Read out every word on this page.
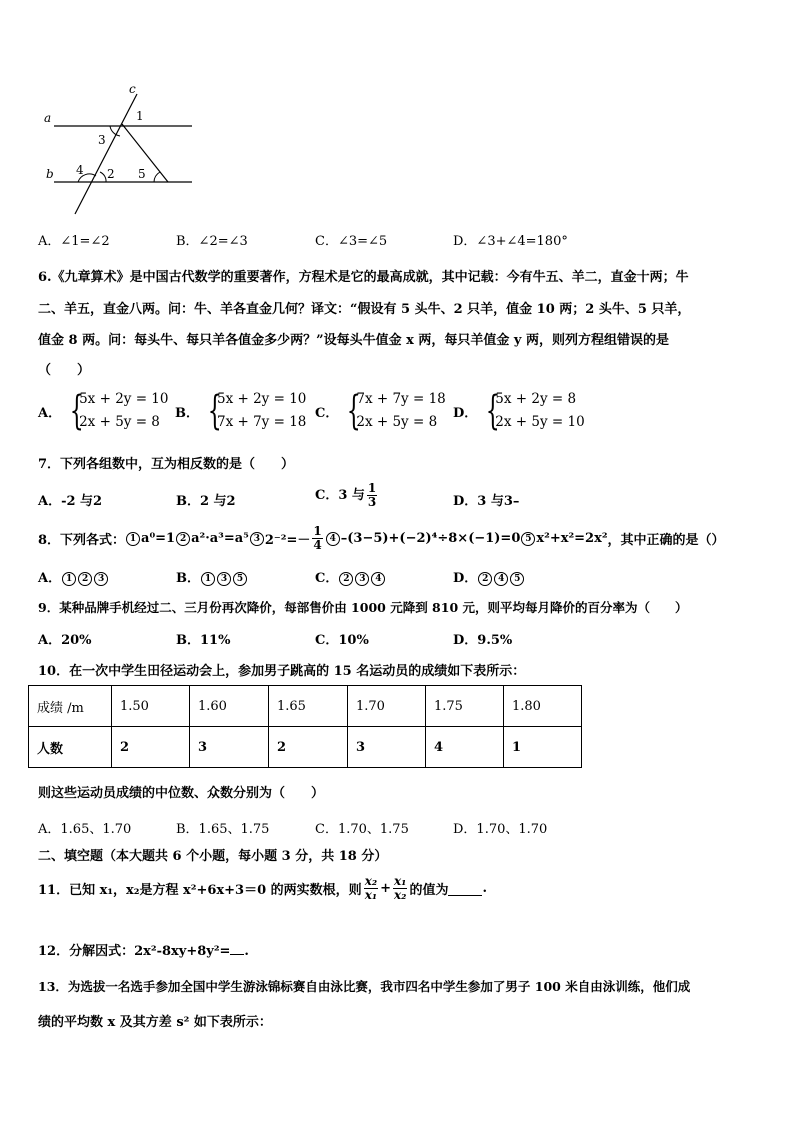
a
b
c
1
3
4 2 5
A．∠1=∠2	B．∠2=∠3	C．∠3=∠5	D．∠3+∠4=180°
6.《九章算术》是中国古代数学的重要著作，方程术是它的最高成就，其中记载：今有牛五、羊二，直金十两；牛
二、羊五，直金八两。问：牛、羊各直金几何？译文：“假设有 5 头牛、2 只羊，值金 10 两；2 头牛、5 只羊，
值金 8 两。问：每头牛、每只羊各值金多少两？”设每头牛值金 x 两，每只羊值金 y 两，则列方程组错误的是
（　　）
A． {
5x + 2y = 10
2x + 5y = 8
B． {
5x + 2y = 10
7x + 7y = 18
C． {
7x + 7y = 18
2x + 5y = 8
D． {
5x + 2y = 8
2x + 5y = 10
7．下列各组数中，互为相反数的是（　　）
A．-2 与2	B．2 与2	C．3 与 $\frac{1}{3}$	D．3 与3–
8．下列各式： 1 a⁰=1 2 a²·a³=a⁵ 3 $2^{-2}=- \frac{1}{4} 4$ –(3−5)+(−2)⁴÷8×(−1)=0 5 x²+x²=2x² ，其中正确的是（）
A． 1 2 3	B． 1 3 5	C． 2 3 4	D． 2 4 5
9．某种品牌手机经过二、三月份再次降价，每部售价由 1000 元降到 810 元，则平均每月降价的百分率为（　　）
A．20%	B．11%	C．10%	D．9.5%
10．在一次中学生田径运动会上，参加男子跳高的 15 名运动员的成绩如下表所示：
成绩 /m	1.50	1.60	1.65	1.70	1.75	1.80
人数	2	3	2	3	4	1
则这些运动员成绩的中位数、众数分别为（　　）
A．1.65、1.70	B．1.65、1.75	C．1.70、1.75	D．1.70、1.70
二、填空题（本大题共 6 个小题，每小题 3 分，共 18 分）
11．已知 x₁，x₂是方程 x²+6x+3＝0 的两实数根，则 $\frac{\text{x₂}}{\text{x₁}} + \frac{\text{x₁}}{\text{x₂}}$ 的值为	.
12．分解因式：2x²-8xy+8y²= .
13．为选拔一名选手参加全国中学生游泳锦标赛自由泳比赛，我市四名中学生参加了男子 100 米自由泳训练，他们成
绩的平均数 x 及其方差 s² 如下表所示：
